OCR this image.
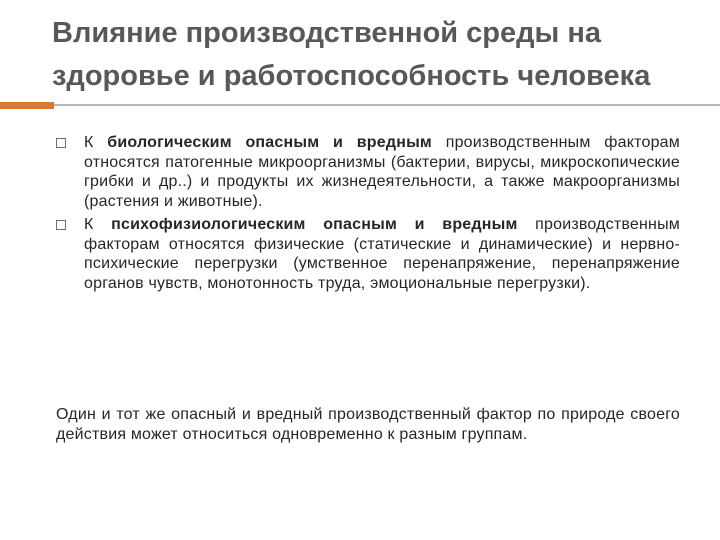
Влияние производственной среды на здоровье и работоспособность человека
К биологическим опасным и вредным производственным факторам относятся патогенные микроорганизмы (бактерии, вирусы, микроскопические грибки и др..) и продукты их жизнедеятельности, а также макроорганизмы (растения и животные).
К психофизиологическим опасным и вредным производственным факторам относятся физические (статические и динамические) и нервно-психические перегрузки (умственное перенапряжение, перенапряжение органов чувств, монотонность труда, эмоциональные перегрузки).

Один и тот же опасный и вредный производственный фактор по природе своего действия может относиться одновременно к разным группам.
